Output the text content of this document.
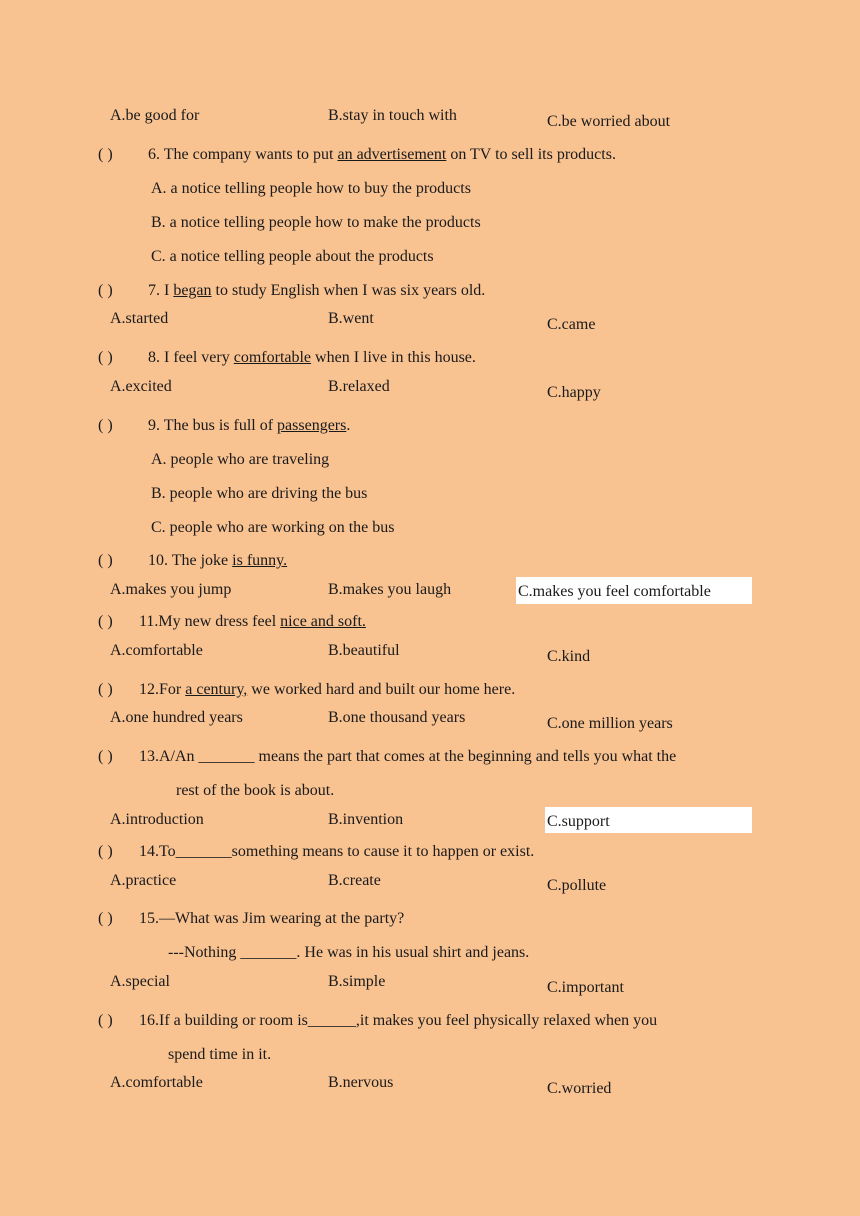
A.be good for	B.stay in touch with	C.be worried about
( ) 6. The company wants to put an advertisement on TV to sell its products.
A. a notice telling people how to buy the products
B. a notice telling people how to make the products
C. a notice telling people about the products
( ) 7. I began to study English when I was six years old.
A.started	B.went	C.came
( ) 8. I feel very comfortable when I live in this house.
A.excited	B.relaxed	C.happy
( ) 9. The bus is full of passengers.
A. people who are traveling
B. people who are driving the bus
C. people who are working on the bus
( ) 10. The joke is funny.
A.makes you jump	B.makes you laugh	C.makes you feel comfortable
( ) 11.My new dress feel nice and soft.
A.comfortable	B.beautiful	C.kind
( ) 12.For a century, we worked hard and built our home here.
A.one hundred years	B.one thousand years	C.one million years
( ) 13.A/An _______ means the part that comes at the beginning and tells you what the
rest of the book is about.
A.introduction	B.invention	C.support
( ) 14.To_______something means to cause it to happen or exist.
A.practice	B.create	C.pollute
( ) 15.—What was Jim wearing at the party?
---Nothing _______. He was in his usual shirt and jeans.
A.special	B.simple	C.important
( ) 16.If a building or room is______,it makes you feel physically relaxed when you
spend time in it.
A.comfortable	B.nervous	C.worried
